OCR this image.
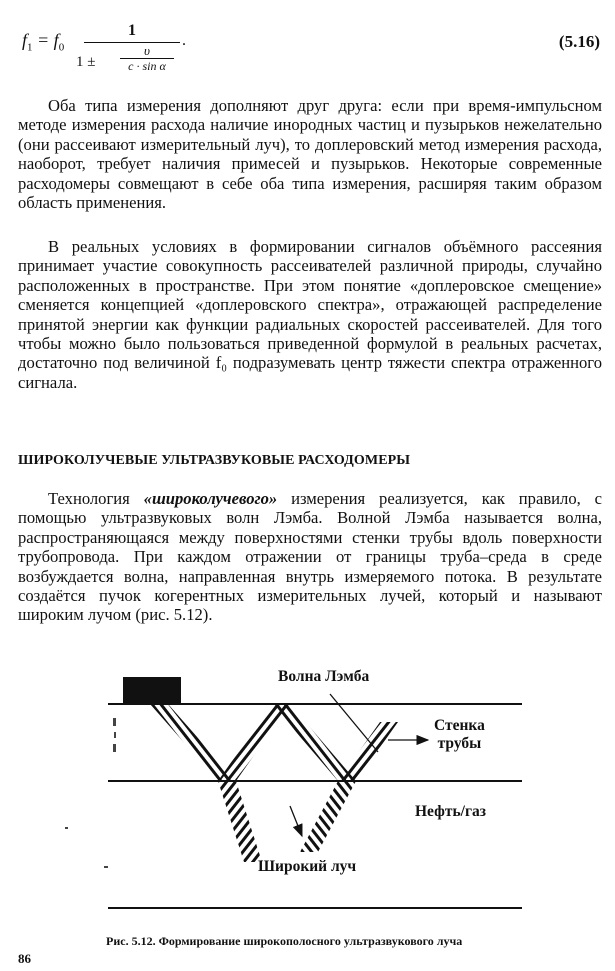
$f_1 = f_0$
1
1 ±
υ
c · sin α
.	(5.16)

Оба типа измерения дополняют друг друга: если при время-импульсном методе измерения расхода наличие инородных частиц и пузырьков нежелательно (они рассеивают измерительный луч), то доплеровский метод измерения расхода, наоборот, требует наличия примесей и пузырьков. Некоторые современные расходомеры совмещают в себе оба типа измерения, расширяя таким образом область применения.

В реальных условиях в формировании сигналов объёмного рассеяния принимает участие совокупность рассеивателей различной природы, случайно расположенных в пространстве. При этом понятие «доплеровское смещение» сменяется концепцией «доплеровского спектра», отражающей распределение принятой энергии как функции радиальных скоростей рассеивателей. Для того чтобы можно было пользоваться приведенной формулой в реальных расчетах, достаточно под величиной f₀ подразумевать центр тяжести спектра отраженного сигнала.

ШИРОКОЛУЧЕВЫЕ УЛЬТРАЗВУКОВЫЕ РАСХОДОМЕРЫ

Технология «широколучевого» измерения реализуется, как правило, с помощью ультразвуковых волн Лэмба. Волной Лэмба называется волна, распространяющаяся между поверхностями стенки трубы вдоль поверхности трубопровода. При каждом отражении от границы труба–среда в среде возбуждается волна, направленная внутрь измеряемого потока. В результате создаётся пучок когерентных измерительных лучей, который и называют широким лучом (рис. 5.12).

Волна Лэмба
Стенка
трубы
Нефть/газ
Широкий луч
Рис. 5.12. Формирование широкополосного ультразвукового луча
86
